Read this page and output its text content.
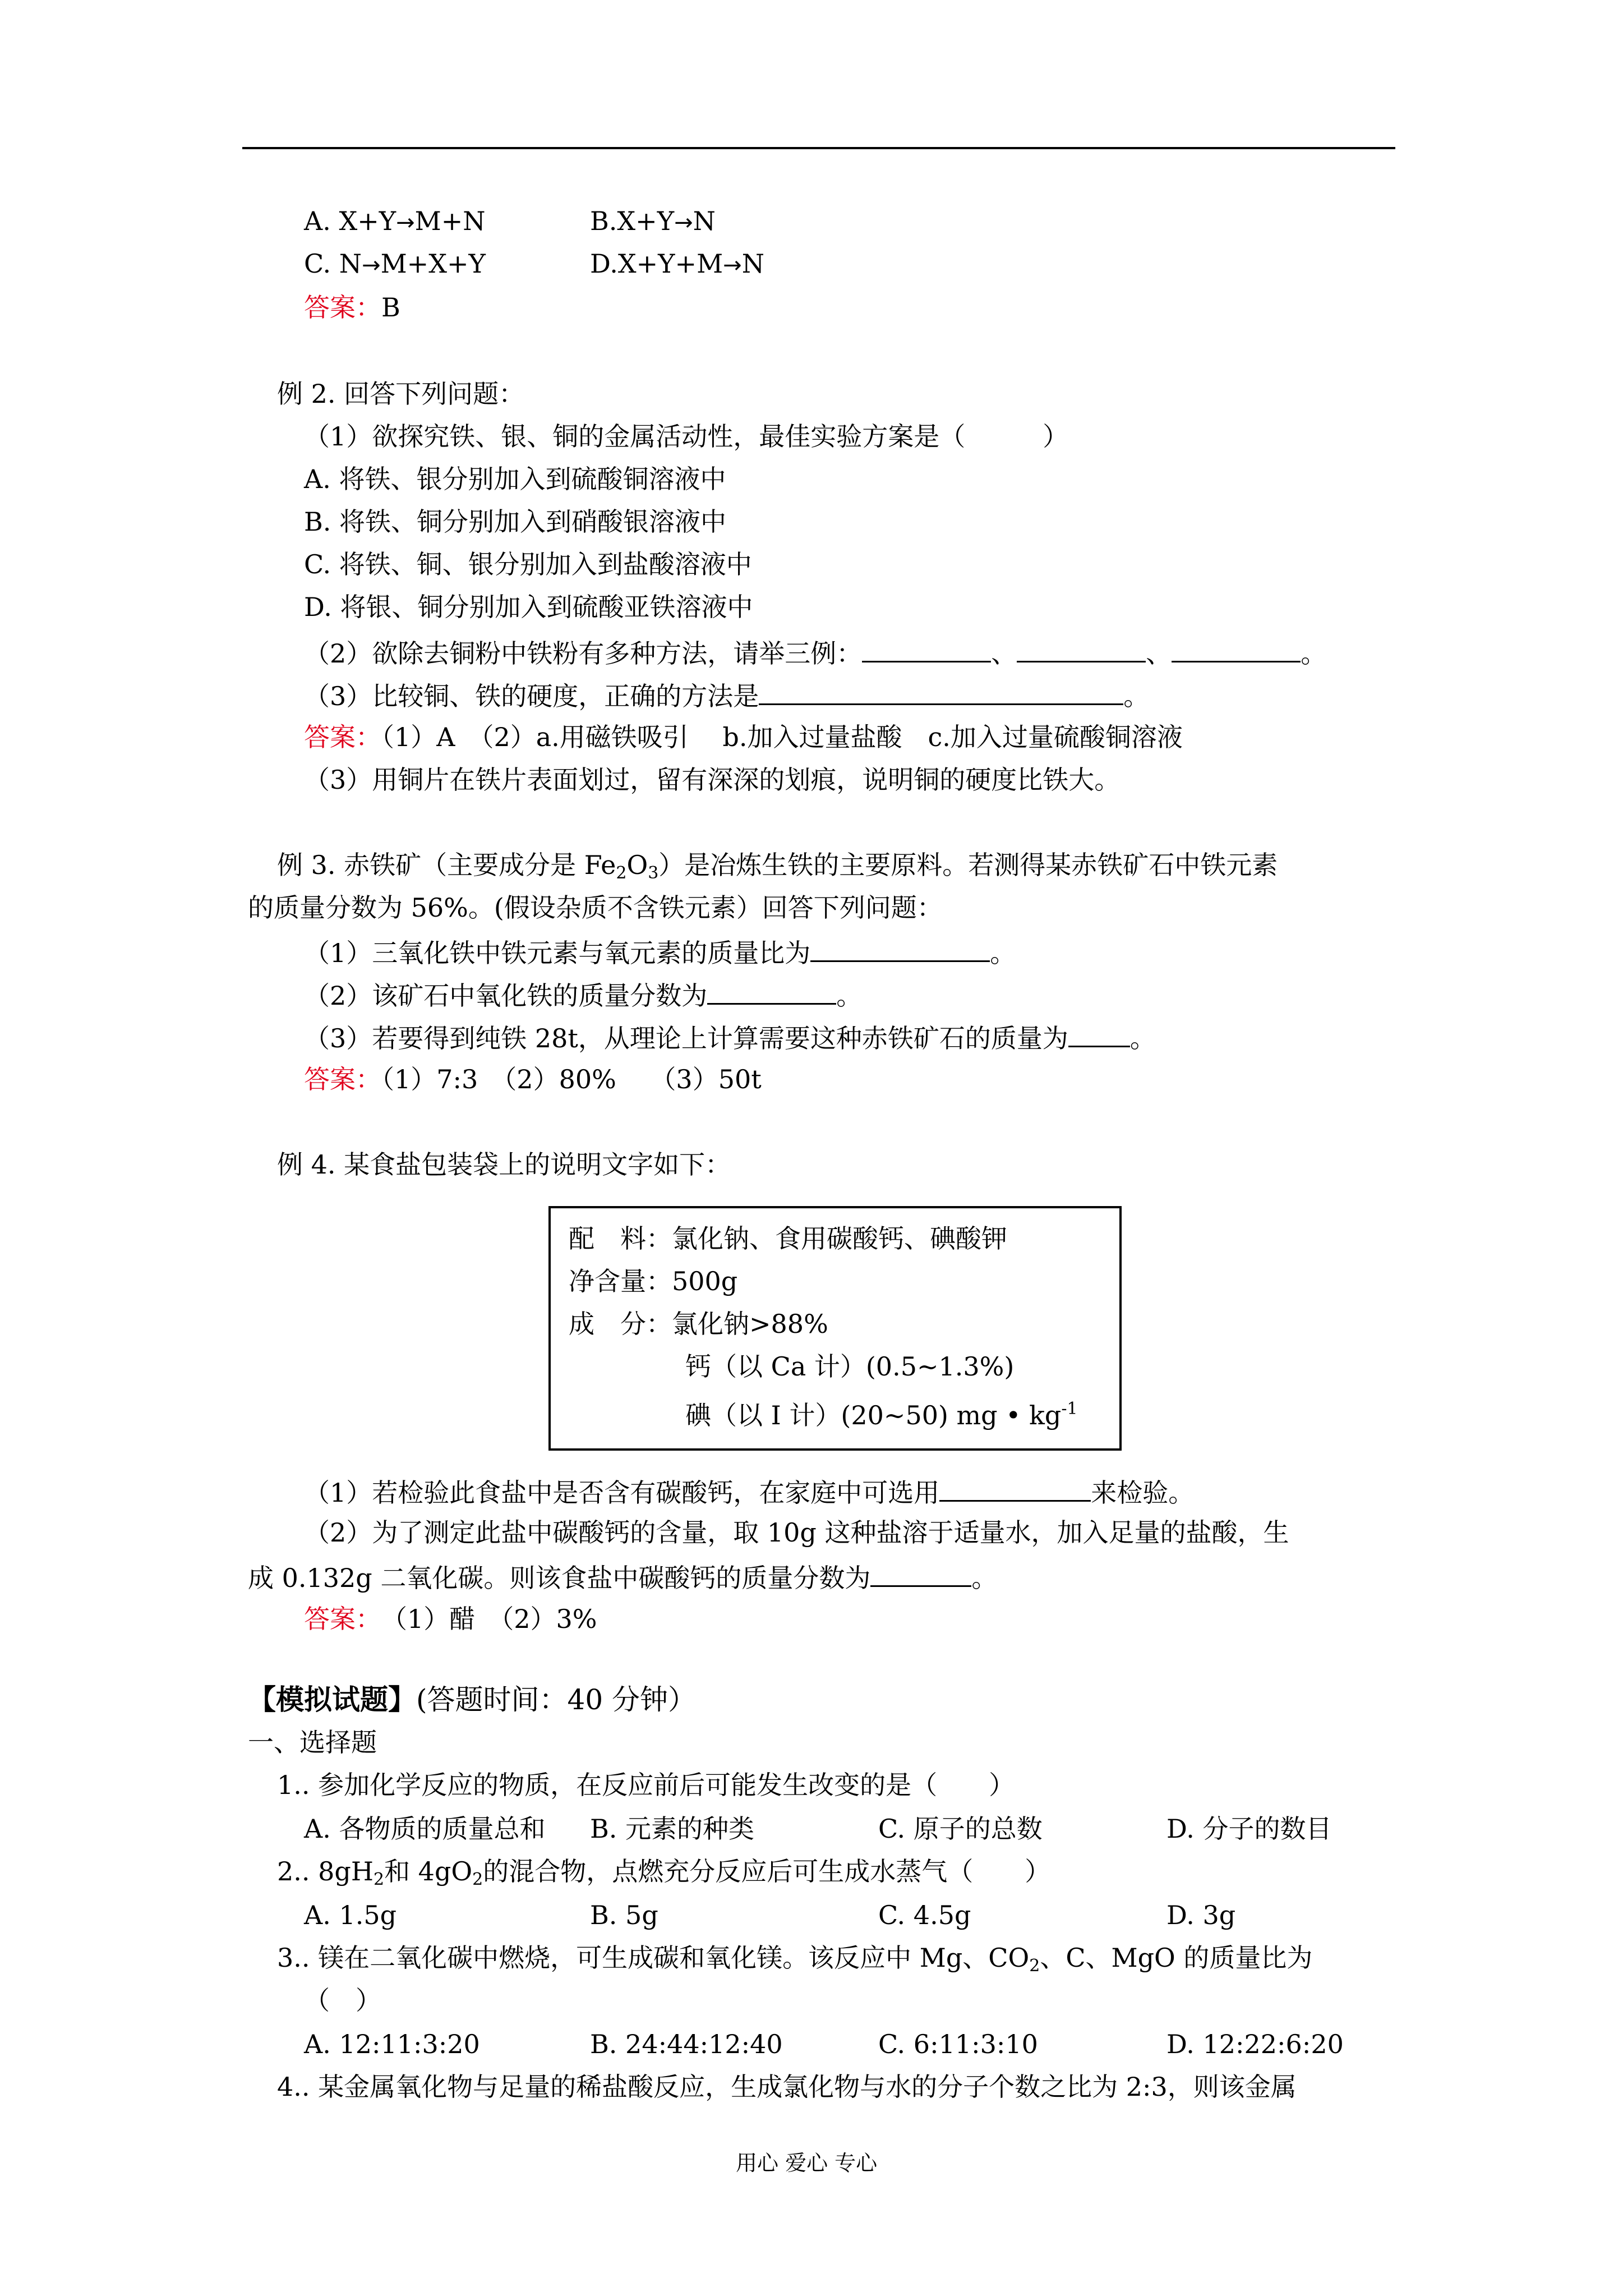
A. X+Y→M+N	B.X+Y→N
C. N→M+X+Y	D.X+Y+M→N
答案：B
例 2. 回答下列问题：
（1）欲探究铁、银、铜的金属活动性，最佳实验方案是（　　　）
A. 将铁、银分别加入到硫酸铜溶液中
B. 将铁、铜分别加入到硝酸银溶液中
C. 将铁、铜、银分别加入到盐酸溶液中
D. 将银、铜分别加入到硫酸亚铁溶液中
（2）欲除去铜粉中铁粉有多种方法，请举三例：	、	、	。
（3）比较铜、铁的硬度，正确的方法是	。
答案：（1）A　（2）a.用磁铁吸引　 b.加入过量盐酸　c.加入过量硫酸铜溶液
（3）用铜片在铁片表面划过，留有深深的划痕，说明铜的硬度比铁大。
例 3. 赤铁矿（主要成分是 $Fe_2O_3$）是冶炼生铁的主要原料。若测得某赤铁矿石中铁元素
的质量分数为 56%。(假设杂质不含铁元素）回答下列问题：
（1）三氧化铁中铁元素与氧元素的质量比为	。
（2）该矿石中氧化铁的质量分数为	。
（3）若要得到纯铁 28t，从理论上计算需要这种赤铁矿石的质量为 。
答案：（1）7:3　（2）80%　 （3）50t
例 4. 某食盐包装袋上的说明文字如下：
配　料：氯化钠、食用碳酸钙、碘酸钾
净含量：500g
成　分：氯化钠>88%
钙（以 Ca 计）(0.5~1.3%)
碘（以 I 计）(20~50) mg • $kg^{-1}$
（1）若检验此食盐中是否含有碳酸钙，在家庭中可选用	来检验。
（2）为了测定此盐中碳酸钙的含量，取 10g 这种盐溶于适量水，加入足量的盐酸，生
成 0.132g 二氧化碳。则该食盐中碳酸钙的质量分数为	。
答案：　 （1）醋　（2）3%
【模拟试题】(答题时间：40 分钟）
一、选择题
1.. 参加化学反应的物质，在反应前后可能发生改变的是（　　）
A. 各物质的质量总和 B. 元素的种类	C. 原子的总数	D. 分子的数目
2.. $8gH_2$和 $4gO_2$的混合物，点燃充分反应后可生成水蒸气（　　）
A. 1.5g	B. 5g	C. 4.5g	D. 3g
3.. 镁在二氧化碳中燃烧，可生成碳和氧化镁。该反应中 Mg、$CO_2$、C、MgO 的质量比为
（　）
A. 12:11:3:20	B. 24:44:12:40	C. 6:11:3:10	D. 12:22:6:20
4.. 某金属氧化物与足量的稀盐酸反应，生成氯化物与水的分子个数之比为 2:3，则该金属
用心 爱心 专心
